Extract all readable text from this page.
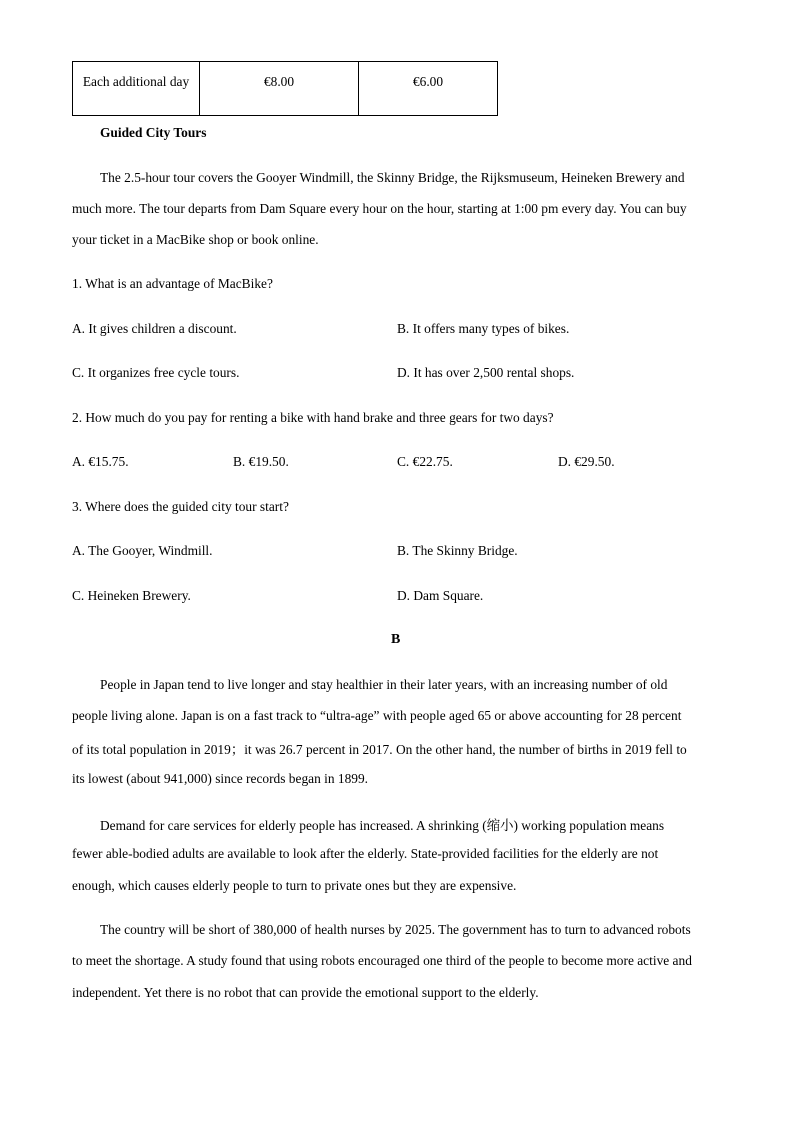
Each additional day	€8.00	€6.00
Guided City Tours
The 2.5-hour tour covers the Gooyer Windmill, the Skinny Bridge, the Rijksmuseum, Heineken Brewery and
much more. The tour departs from Dam Square every hour on the hour, starting at 1:00 pm every day. You can buy
your ticket in a MacBike shop or book online.
1. What is an advantage of MacBike?
A. It gives children a discount.	B. It offers many types of bikes.
C. It organizes free cycle tours.	D. It has over 2,500 rental shops.
2. How much do you pay for renting a bike with hand brake and three gears for two days?
A. €15.75.	B. €19.50.	C. €22.75.	D. €29.50.
3. Where does the guided city tour start?
A. The Gooyer, Windmill.	B. The Skinny Bridge.
C. Heineken Brewery.	D. Dam Square.
B
People in Japan tend to live longer and stay healthier in their later years, with an increasing number of old
people living alone. Japan is on a fast track to “ultra-age” with people aged 65 or above accounting for 28 percent
of its total population in 2019；it was 26.7 percent in 2017. On the other hand, the number of births in 2019 fell to
its lowest (about 941,000) since records began in 1899.
Demand for care services for elderly people has increased. A shrinking (缩小) working population means
fewer able-bodied adults are available to look after the elderly. State-provided facilities for the elderly are not
enough, which causes elderly people to turn to private ones but they are expensive.
The country will be short of 380,000 of health nurses by 2025. The government has to turn to advanced robots
to meet the shortage. A study found that using robots encouraged one third of the people to become more active and
independent. Yet there is no robot that can provide the emotional support to the elderly.
